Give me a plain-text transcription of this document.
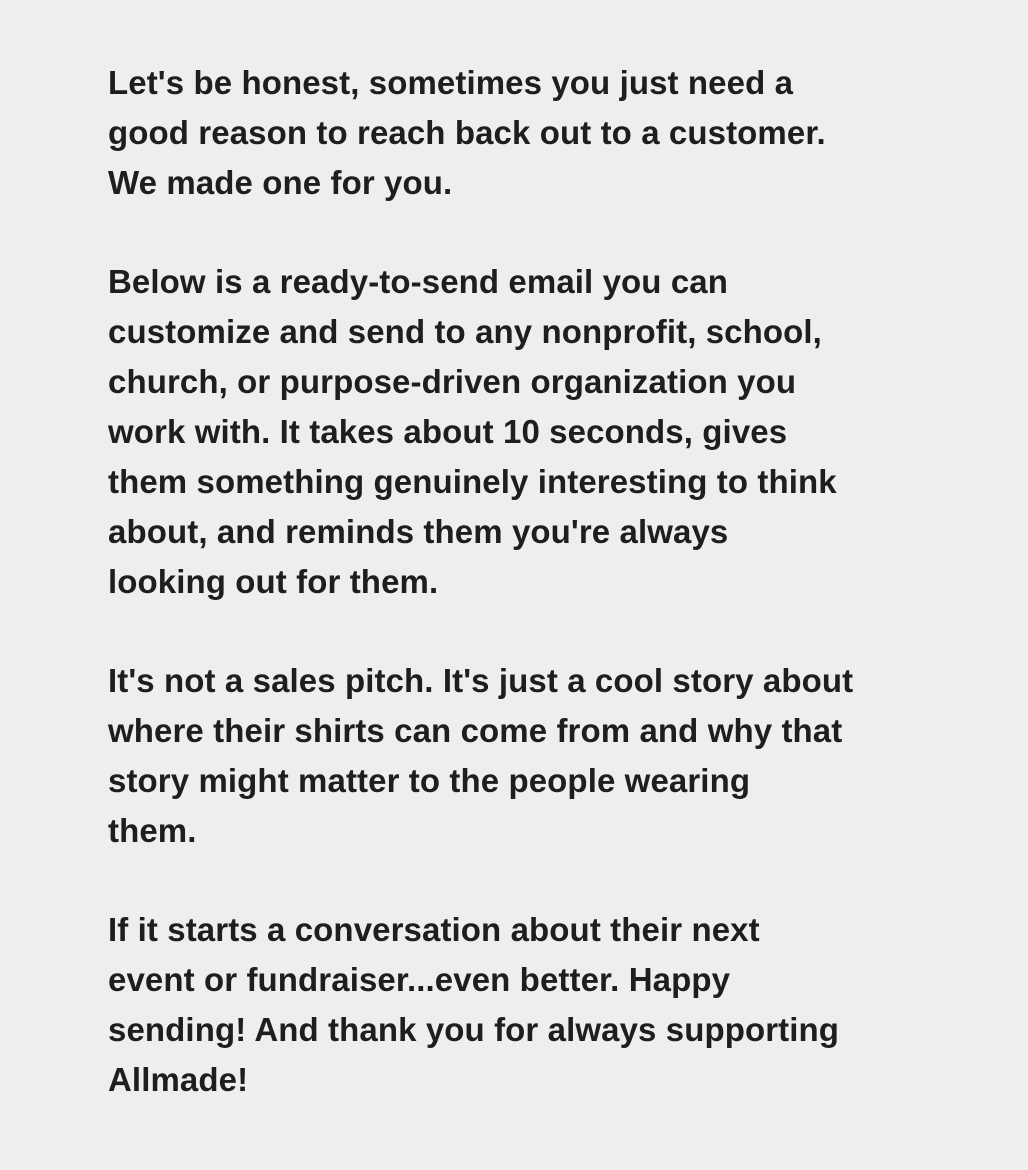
Let's be honest, sometimes you just need a
good reason to reach back out to a customer.
We made one for you.

Below is a ready-to-send email you can
customize and send to any nonprofit, school,
church, or purpose-driven organization you
work with. It takes about 10 seconds, gives
them something genuinely interesting to think
about, and reminds them you're always
looking out for them.

It's not a sales pitch. It's just a cool story about
where their shirts can come from and why that
story might matter to the people wearing
them.

If it starts a conversation about their next
event or fundraiser...even better. Happy
sending! And thank you for always supporting
Allmade!
